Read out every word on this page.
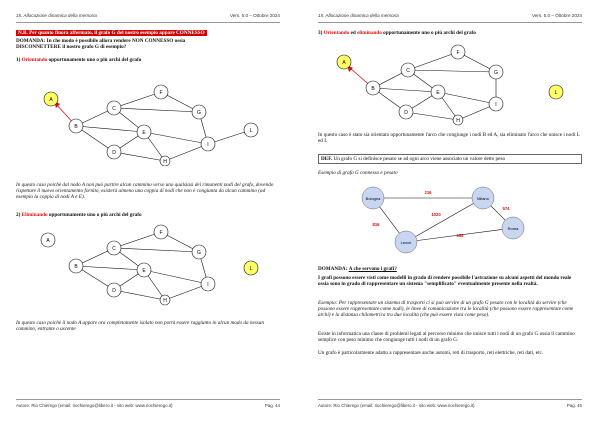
15. Allocazione dinamica della memoria	Vers. 5.0 – Ottobre 2024
N.B. Per quanto finora affermato, il grafo G del nostro esempio appare CONNESSO
DOMANDA: In che modo è possibile allora rendere NON CONNESSO ossia
DISCONNETTERE il nostro grafo G di esempio?
1) Orientando opportunamente uno o più archi del grafo
A
B
C
F
E
G
D
I
H
L
In questo caso poichè dal nodo A non può partire alcun cammino verso uno qualsiasi dei rimanenti nodi del grafo, dovendo rispettare il nuovo orientamento fornito, esisterà almeno una coppia di nodi che non è congiunta da alcun cammino (ad esempio la coppia di nodi A e E).
2) Eliminando opportunamente uno o più archi del grafo
A
B
C
F
E
G
D
I
H
L
In questo caso poichè il nodo A appare ora completamente isolato non potrà essere raggiunto in alcun modo da nessun cammino, entrante o uscente
Autore: Rio Chierego (email: riochierego@libero.it - sito web: www.riochierego.it)	Pag. 44
15. Allocazione dinamica della memoria	Vers. 5.0 – Ottobre 2024
3) Orientando ed eliminando opportunamente uno o più archi del grafo
A
B
C
F
E
G
D
I
H
L
In questo caso è stato sia orientato opportunamente l'arco che congiunge i nodi B ed A, sia eliminato l'arco che unisce i nodi L ed I.
DEF. Un grafo G si definisce pesato se ad ogni arco viene associato un valore detto peso
Esempio di grafo G connesso e pesato
216
574
1020
816
656
Bologna	Milano
Roma
Lecce
DOMANDA: A che servono i grafi?
I grafi possono essere visti come modelli in grado di rendere possibile l'astrazione su alcuni aspetti del mondo reale ossia sono in grado di rappresentare un sistema "semplificato" eventualmente presente nella realtà.
Esempio: Per rappresentare un sistema di trasporti ci si può servire di un grafo G pesato con le località da servire (che possono essere rappresentate come nodi), le linee di comunicazione tra le località (che possono essere rappresentate come archi) e la distanza chilometrica tra due località (che può essere vista come peso).
Esiste in informatica una classe di problemi legati al percorso minimo che unisce tutti i nodi di un grafo G ossia il cammino semplice con peso minimo che congiunge tutti i nodi di un grafo G.
Un grafo è particolarmente adatto a rappresentare anche automi, reti di trasporto, reti elettriche, reti dati, etc.
Autore: Rio Chierego (email: riochierego@libero.it - sito web: www.riochierego.it)	Pag. 45
